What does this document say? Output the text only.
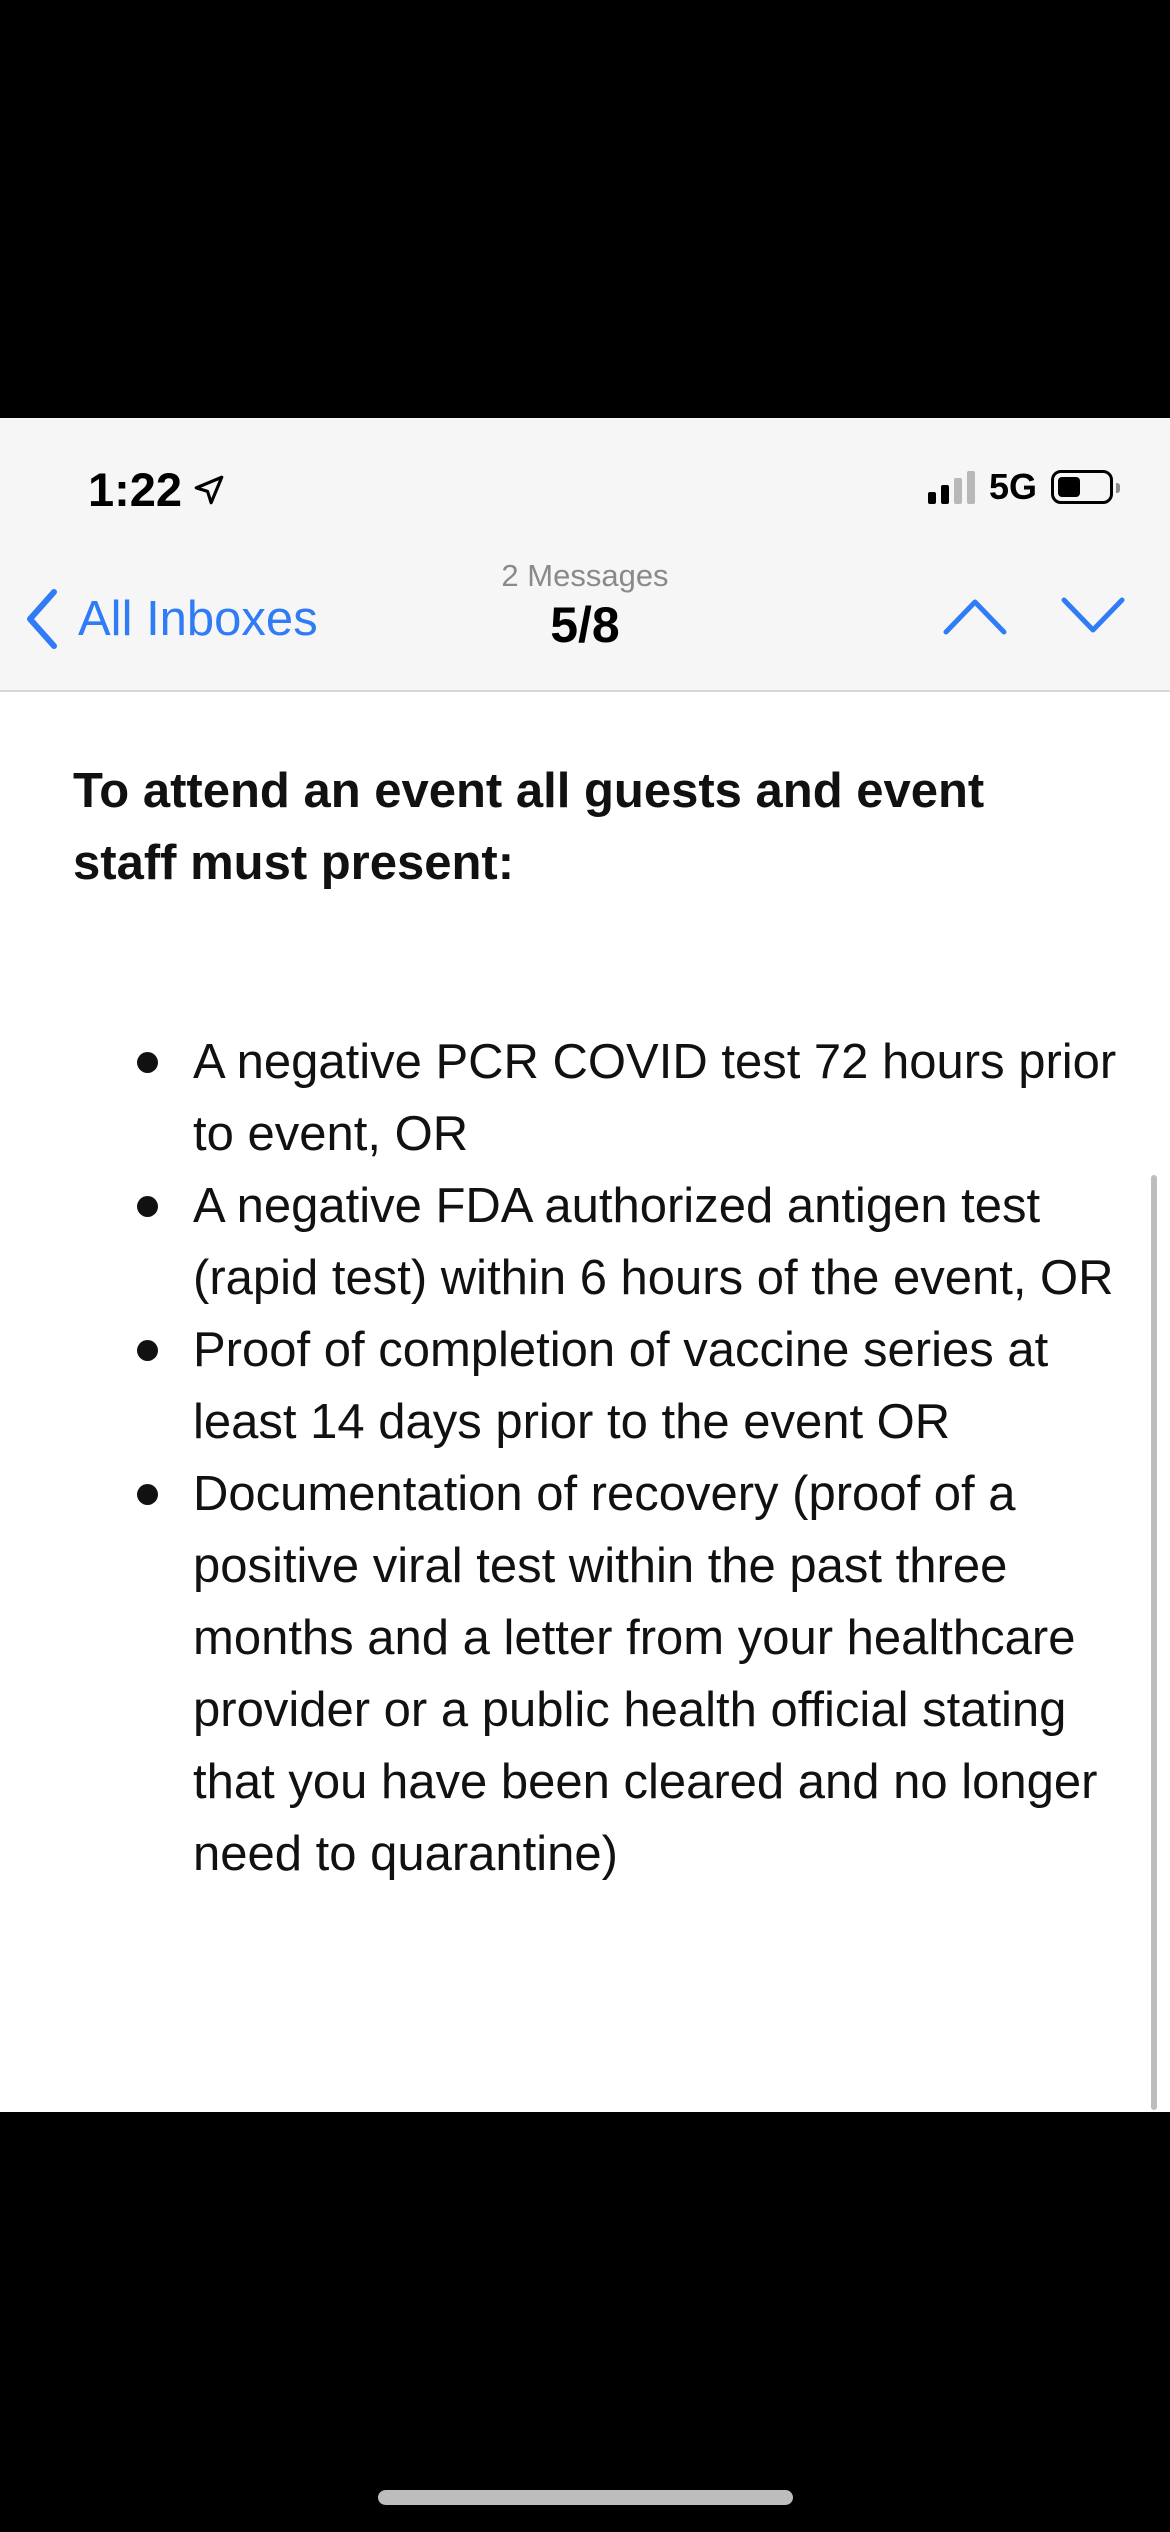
1:22	5G
All Inboxes
2 Messages
5/8
To attend an event all guests and event staff must present:
A negative PCR COVID test 72 hours prior to event, OR
A negative FDA authorized antigen test (rapid test) within 6 hours of the event, OR
Proof of completion of vaccine series at least 14 days prior to the event OR
Documentation of recovery (proof of a positive viral test within the past three months and a letter from your healthcare provider or a public health official stating that you have been cleared and no longer need to quarantine)
